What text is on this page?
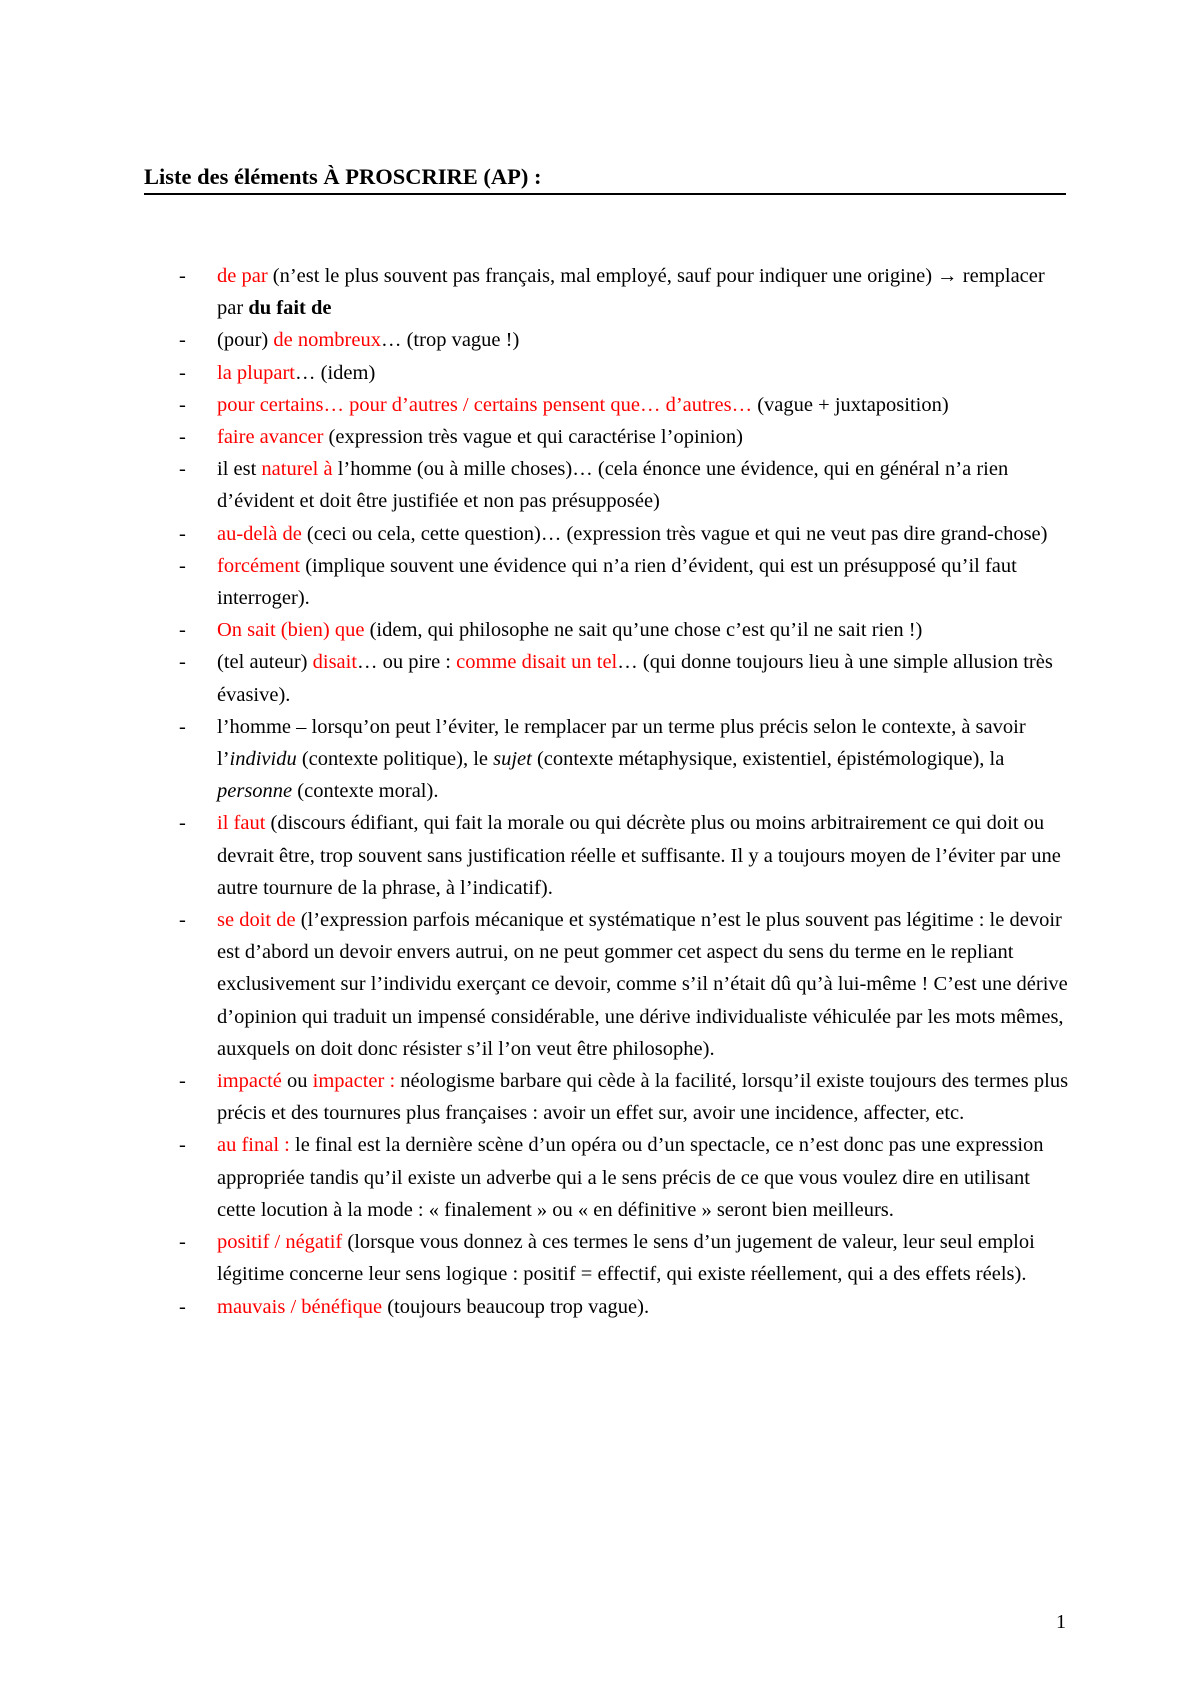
Liste des éléments À PROSCRIRE (AP) :
- de par (n’est le plus souvent pas français, mal employé, sauf pour indiquer une origine) → remplacer par du fait de
- (pour) de nombreux… (trop vague !)
- la plupart… (idem)
- pour certains… pour d’autres / certains pensent que… d’autres… (vague + juxtaposition)
- faire avancer (expression très vague et qui caractérise l’opinion)
- il est naturel à l’homme (ou à mille choses)… (cela énonce une évidence, qui en général n’a rien d’évident et doit être justifiée et non pas présupposée)
- au-delà de (ceci ou cela, cette question)… (expression très vague et qui ne veut pas dire grand-chose)
- forcément (implique souvent une évidence qui n’a rien d’évident, qui est un présupposé qu’il faut interroger).
- On sait (bien) que (idem, qui philosophe ne sait qu’une chose c’est qu’il ne sait rien !)
- (tel auteur) disait… ou pire : comme disait un tel… (qui donne toujours lieu à une simple allusion très évasive).
- l’homme – lorsqu’on peut l’éviter, le remplacer par un terme plus précis selon le contexte, à savoir l’individu (contexte politique), le sujet (contexte métaphysique, existentiel, épistémologique), la personne (contexte moral).
- il faut (discours édifiant, qui fait la morale ou qui décrète plus ou moins arbitrairement ce qui doit ou devrait être, trop souvent sans justification réelle et suffisante. Il y a toujours moyen de l’éviter par une autre tournure de la phrase, à l’indicatif).
- se doit de (l’expression parfois mécanique et systématique n’est le plus souvent pas légitime : le devoir est d’abord un devoir envers autrui, on ne peut gommer cet aspect du sens du terme en le repliant exclusivement sur l’individu exerçant ce devoir, comme s’il n’était dû qu’à lui-même ! C’est une dérive d’opinion qui traduit un impensé considérable, une dérive individualiste véhiculée par les mots mêmes, auxquels on doit donc résister s’il l’on veut être philosophe).
- impacté ou impacter : néologisme barbare qui cède à la facilité, lorsqu’il existe toujours des termes plus précis et des tournures plus françaises : avoir un effet sur, avoir une incidence, affecter, etc.
- au final : le final est la dernière scène d’un opéra ou d’un spectacle, ce n’est donc pas une expression appropriée tandis qu’il existe un adverbe qui a le sens précis de ce que vous voulez dire en utilisant cette locution à la mode : « finalement » ou « en définitive » seront bien meilleurs.
- positif / négatif (lorsque vous donnez à ces termes le sens d’un jugement de valeur, leur seul emploi légitime concerne leur sens logique : positif = effectif, qui existe réellement, qui a des effets réels).
- mauvais / bénéfique (toujours beaucoup trop vague).
1
